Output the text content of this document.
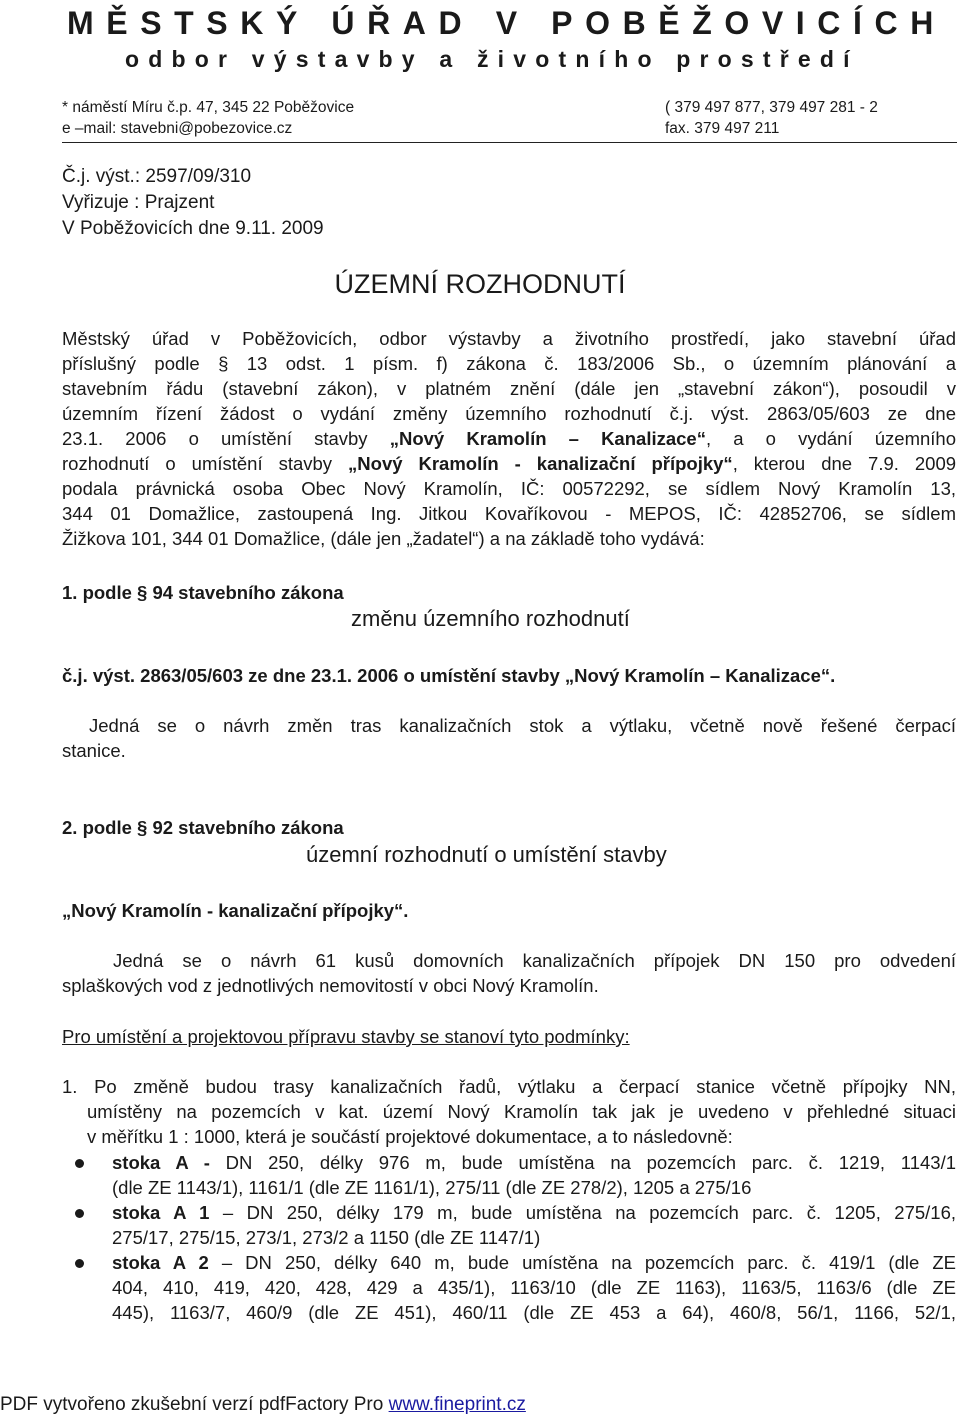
MĚSTSKÝ ÚŘAD V POBĚŽOVICÍCH
odbor výstavby a životního prostředí
* náměstí Míru č.p. 47, 345 22 Poběžovice	( 379 497 877, 379 497 281 - 2
e –mail: stavebni@pobezovice.cz	fax. 379 497 211
Č.j. výst.: 2597/09/310
Vyřizuje : Prajzent
V Poběžovicích dne 9.11. 2009
ÚZEMNÍ ROZHODNUTÍ
Městský úřad v Poběžovicích, odbor výstavby a životního prostředí, jako stavební úřad
příslušný podle § 13 odst. 1 písm. f) zákona č. 183/2006 Sb., o územním plánování a
stavebním řádu (stavební zákon), v platném znění (dále jen „stavební zákon“), posoudil v
územním řízení žádost o vydání změny územního rozhodnutí č.j. výst. 2863/05/603 ze dne
23.1. 2006 o umístění stavby „Nový Kramolín – Kanalizace“, a o vydání územního
rozhodnutí o umístění stavby „Nový Kramolín - kanalizační přípojky“, kterou dne 7.9. 2009
podala právnická osoba Obec Nový Kramolín, IČ: 00572292, se sídlem Nový Kramolín 13,
344 01 Domažlice, zastoupená Ing. Jitkou Kovaříkovou - MEPOS, IČ: 42852706, se sídlem
Žižkova 101, 344 01 Domažlice, (dále jen „žadatel“) a na základě toho vydává:
1. podle § 94 stavebního zákona
změnu územního rozhodnutí
č.j. výst. 2863/05/603 ze dne 23.1. 2006 o umístění stavby „Nový Kramolín – Kanalizace“.
Jedná se o návrh změn tras kanalizačních stok a výtlaku, včetně nově řešené čerpací
stanice.
2. podle § 92 stavebního zákona
územní rozhodnutí o umístění stavby
„Nový Kramolín - kanalizační přípojky“.
Jedná se o návrh 61 kusů domovních kanalizačních přípojek DN 150 pro odvedení
splaškových vod z jednotlivých nemovitostí v obci Nový Kramolín.
Pro umístění a projektovou přípravu stavby se stanoví tyto podmínky:
1. Po změně budou trasy kanalizačních řadů, výtlaku a čerpací stanice včetně přípojky NN,
umístěny na pozemcích v kat. území Nový Kramolín tak jak je uvedeno v přehledné situaci
v měřítku 1 : 1000, která je součástí projektové dokumentace, a to následovně:
stoka A - DN 250, délky 976 m, bude umístěna na pozemcích parc. č. 1219, 1143/1
(dle ZE 1143/1), 1161/1 (dle ZE 1161/1), 275/11 (dle ZE 278/2), 1205 a 275/16
stoka A 1 – DN 250, délky 179 m, bude umístěna na pozemcích parc. č. 1205, 275/16,
275/17, 275/15, 273/1, 273/2 a 1150 (dle ZE 1147/1)
stoka A 2 – DN 250, délky 640 m, bude umístěna na pozemcích parc. č. 419/1 (dle ZE
404, 410, 419, 420, 428, 429 a 435/1), 1163/10 (dle ZE 1163), 1163/5, 1163/6 (dle ZE
445), 1163/7, 460/9 (dle ZE 451), 460/11 (dle ZE 453 a 64), 460/8, 56/1, 1166, 52/1,
PDF vytvořeno zkušební verzí pdfFactory Pro www.fineprint.cz
